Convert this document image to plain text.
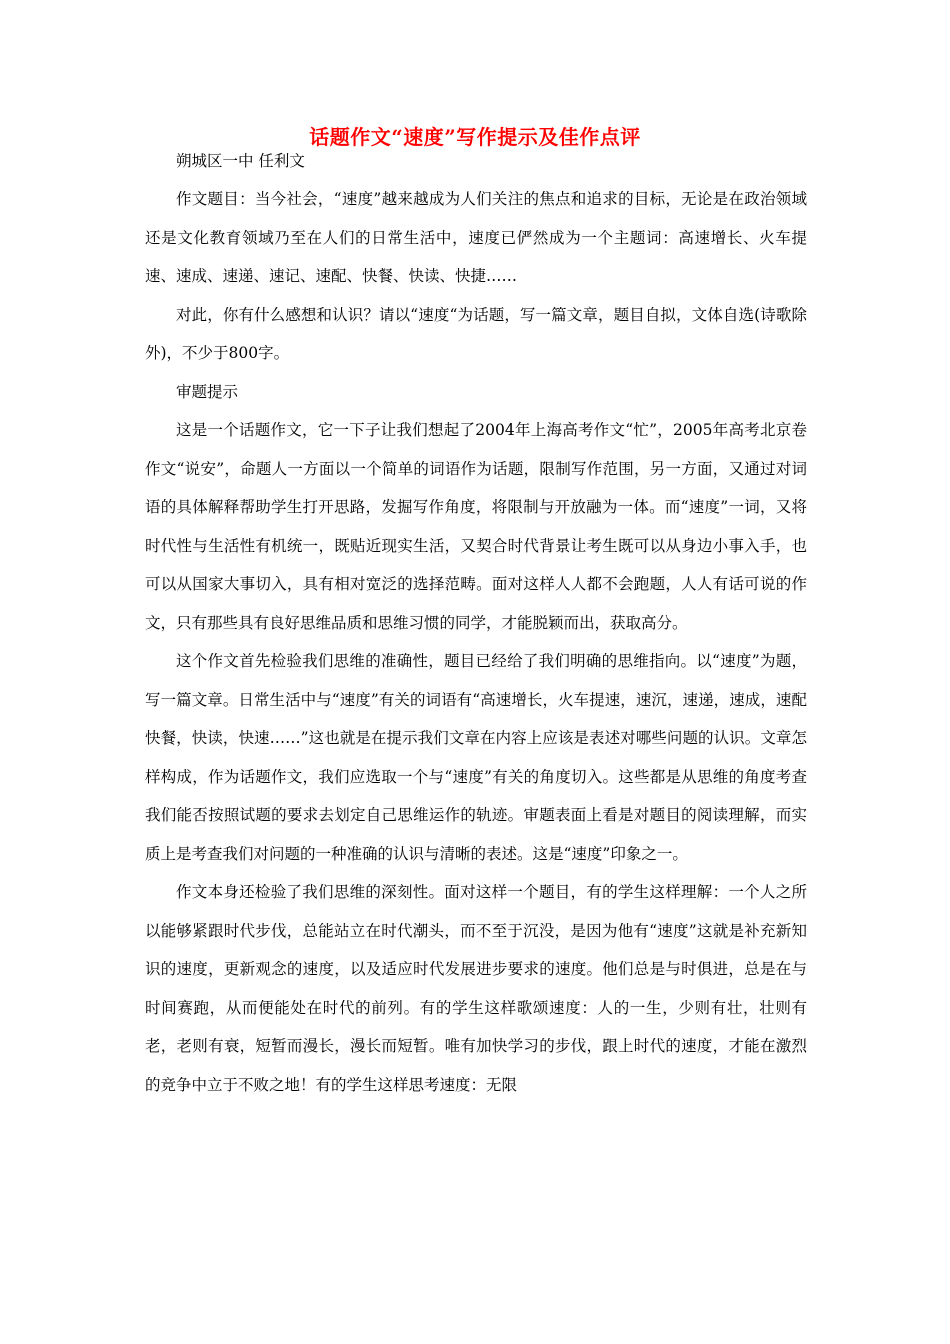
话题作文“速度”写作提示及佳作点评

朔城区一中 任利文

作文题目：当今社会，“速度”越来越成为人们关注的焦点和追求的目标，无论是在政治领域还是文化教育领域乃至在人们的日常生活中，速度已俨然成为一个主题词：高速增长、火车提速、速成、速递、速记、速配、快餐、快读、快捷……

对此，你有什么感想和认识？请以“速度“为话题，写一篇文章，题目自拟，文体自选(诗歌除外)，不少于800字。

审题提示

这是一个话题作文，它一下子让我们想起了2004年上海高考作文“忙”，2005年高考北京卷作文“说安”，命题人一方面以一个简单的词语作为话题，限制写作范围，另一方面，又通过对词语的具体解释帮助学生打开思路，发掘写作角度，将限制与开放融为一体。而“速度”一词，又将时代性与生活性有机统一，既贴近现实生活，又契合时代背景让考生既可以从身边小事入手，也可以从国家大事切入，具有相对宽泛的选择范畴。面对这样人人都不会跑题，人人有话可说的作文，只有那些具有良好思维品质和思维习惯的同学，才能脱颖而出，获取高分。

这个作文首先检验我们思维的准确性，题目已经给了我们明确的思维指向。以“速度”为题，写一篇文章。日常生活中与“速度”有关的词语有“高速增长，火车提速，速沉，速递，速成，速配快餐，快读，快速……”这也就是在提示我们文章在内容上应该是表述对哪些问题的认识。文章怎样构成，作为话题作文，我们应选取一个与“速度”有关的角度切入。这些都是从思维的角度考查我们能否按照试题的要求去划定自己思维运作的轨迹。审题表面上看是对题目的阅读理解，而实质上是考查我们对问题的一种准确的认识与清晰的表述。这是“速度”印象之一。

作文本身还检验了我们思维的深刻性。面对这样一个题目，有的学生这样理解：一个人之所以能够紧跟时代步伐，总能站立在时代潮头，而不至于沉没，是因为他有“速度”这就是补充新知识的速度，更新观念的速度，以及适应时代发展进步要求的速度。他们总是与时俱进，总是在与时间赛跑，从而便能处在时代的前列。有的学生这样歌颂速度：人的一生，少则有壮，壮则有老，老则有衰，短暂而漫长，漫长而短暂。唯有加快学习的步伐，跟上时代的速度，才能在激烈的竞争中立于不败之地！有的学生这样思考速度：无限
